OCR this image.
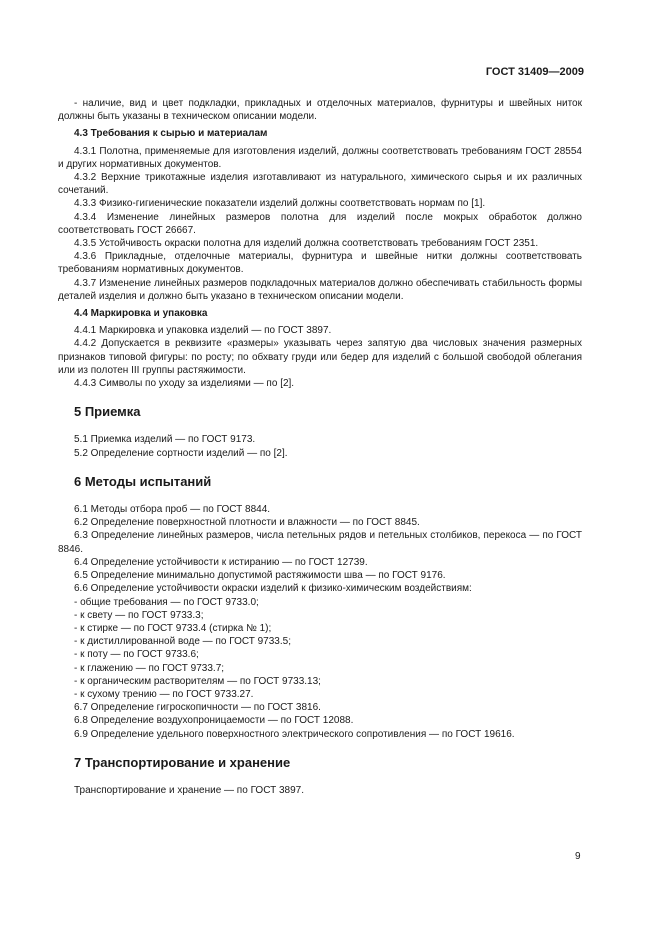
ГОСТ 31409—2009
- наличие, вид и цвет подкладки, прикладных и отделочных материалов, фурнитуры и швейных ниток должны быть указаны в техническом описании модели.
4.3 Требования к сырью и материалам
4.3.1 Полотна, применяемые для изготовления изделий, должны соответствовать требованиям ГОСТ 28554 и других нормативных документов.
4.3.2 Верхние трикотажные изделия изготавливают из натурального, химического сырья и их различных сочетаний.
4.3.3 Физико-гигиенические показатели изделий должны соответствовать нормам по [1].
4.3.4 Изменение линейных размеров полотна для изделий после мокрых обработок должно соответствовать ГОСТ 26667.
4.3.5 Устойчивость окраски полотна для изделий должна соответствовать требованиям ГОСТ 2351.
4.3.6 Прикладные, отделочные материалы, фурнитура и швейные нитки должны соответствовать требованиям нормативных документов.
4.3.7 Изменение линейных размеров подкладочных материалов должно обеспечивать стабильность формы деталей изделия и должно быть указано в техническом описании модели.
4.4 Маркировка и упаковка
4.4.1 Маркировка и упаковка изделий — по ГОСТ 3897.
4.4.2 Допускается в реквизите «размеры» указывать через запятую два числовых значения размерных признаков типовой фигуры: по росту; по обхвату груди или бедер для изделий с большой свободой облегания или из полотен III группы растяжимости.
4.4.3 Символы по уходу за изделиями — по [2].
5 Приемка
5.1 Приемка изделий — по ГОСТ 9173.
5.2 Определение сортности изделий — по [2].
6 Методы испытаний
6.1 Методы отбора проб — по ГОСТ 8844.
6.2 Определение поверхностной плотности и влажности — по ГОСТ 8845.
6.3 Определение линейных размеров, числа петельных рядов и петельных столбиков, перекоса — по ГОСТ 8846.
6.4 Определение устойчивости к истиранию — по ГОСТ 12739.
6.5 Определение минимально допустимой растяжимости шва — по ГОСТ 9176.
6.6 Определение устойчивости окраски изделий к физико-химическим воздействиям:
- общие требования — по ГОСТ 9733.0;
- к свету — по ГОСТ 9733.3;
- к стирке — по ГОСТ 9733.4 (стирка № 1);
- к дистиллированной воде — по ГОСТ 9733.5;
- к поту — по ГОСТ 9733.6;
- к глажению — по ГОСТ 9733.7;
- к органическим растворителям — по ГОСТ 9733.13;
- к сухому трению — по ГОСТ 9733.27.
6.7 Определение гигроскопичности — по ГОСТ 3816.
6.8 Определение воздухопроницаемости — по ГОСТ 12088.
6.9 Определение удельного поверхностного электрического сопротивления — по ГОСТ 19616.
7 Транспортирование и хранение
Транспортирование и хранение — по ГОСТ 3897.
9
